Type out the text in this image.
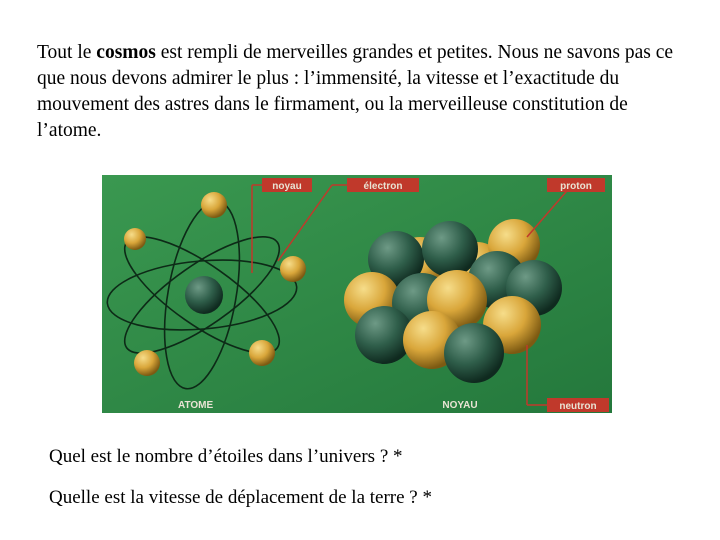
Tout le cosmos est rempli de merveilles grandes et petites. Nous ne savons pas ce que nous devons admirer le plus : l’immensité, la vitesse et l’exactitude du mouvement des astres dans le firmament, ou la merveilleuse constitution de l’atome.

noyau	électron	proton
ATOME	NOYAU	neutron

Quel est le nombre d’étoiles dans l’univers ? *

Quelle est la vitesse de déplacement de la terre ? *
